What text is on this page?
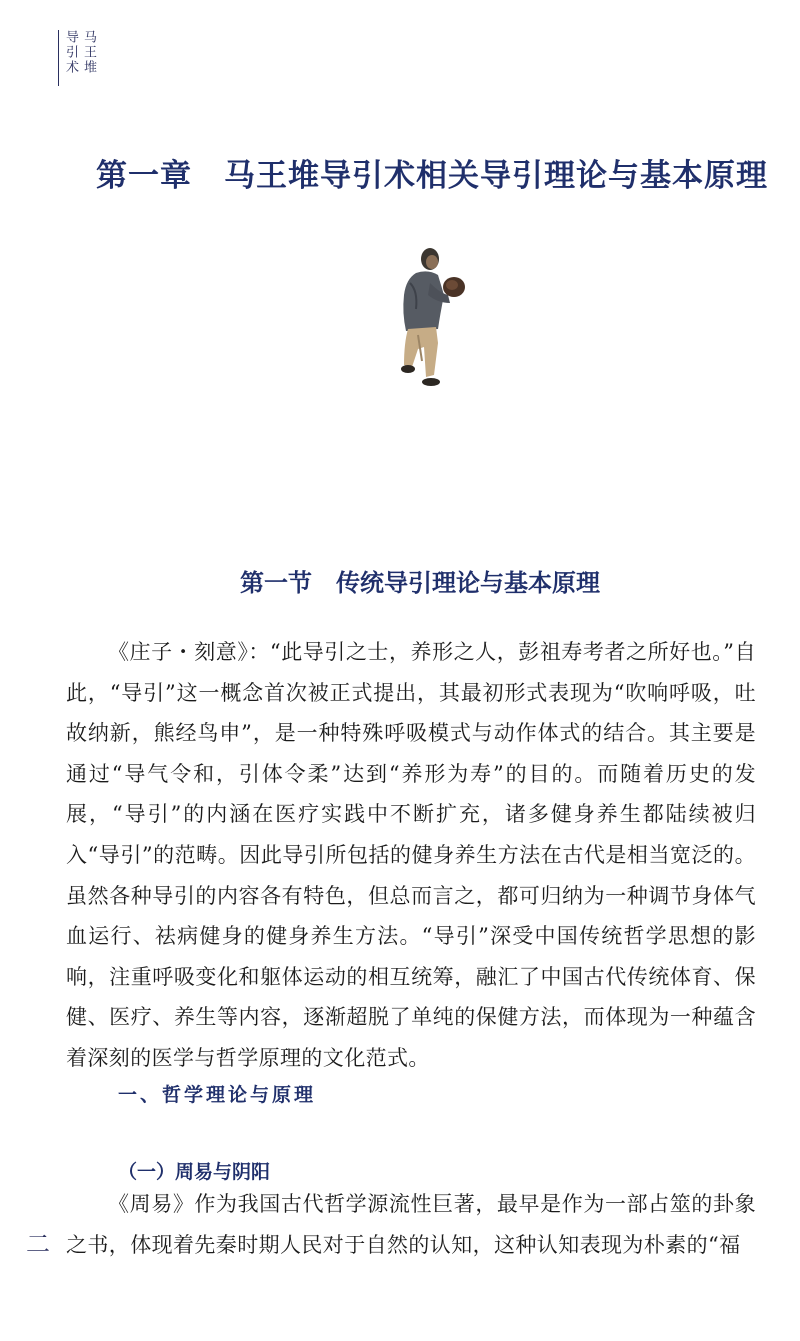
马王堆
导引术
第一章　马王堆导引术相关导引理论与基本原理
第一节　传统导引理论与基本原理

《庄子・刻意》：“此导引之士，养形之人，彭祖寿考者之所好也。”自此，“导引”这一概念首次被正式提出，其最初形式表现为“吹响呼吸，吐故纳新，熊经鸟申”，是一种特殊呼吸模式与动作体式的结合。其主要是通过“导气令和，引体令柔”达到“养形为寿”的目的。而随着历史的发展，“导引”的内涵在医疗实践中不断扩充，诸多健身养生都陆续被归入“导引”的范畴。因此导引所包括的健身养生方法在古代是相当宽泛的。虽然各种导引的内容各有特色，但总而言之，都可归纳为一种调节身体气血运行、祛病健身的健身养生方法。“导引”深受中国传统哲学思想的影响，注重呼吸变化和躯体运动的相互统筹，融汇了中国古代传统体育、保健、医疗、养生等内容，逐渐超脱了单纯的保健方法，而体现为一种蕴含着深刻的医学与哲学原理的文化范式。

一、哲学理论与原理
（一）周易与阴阳

《周易》作为我国古代哲学源流性巨著，最早是作为一部占筮的卦象之书，体现着先秦时期人民对于自然的认知，这种认知表现为朴素的“福

二
